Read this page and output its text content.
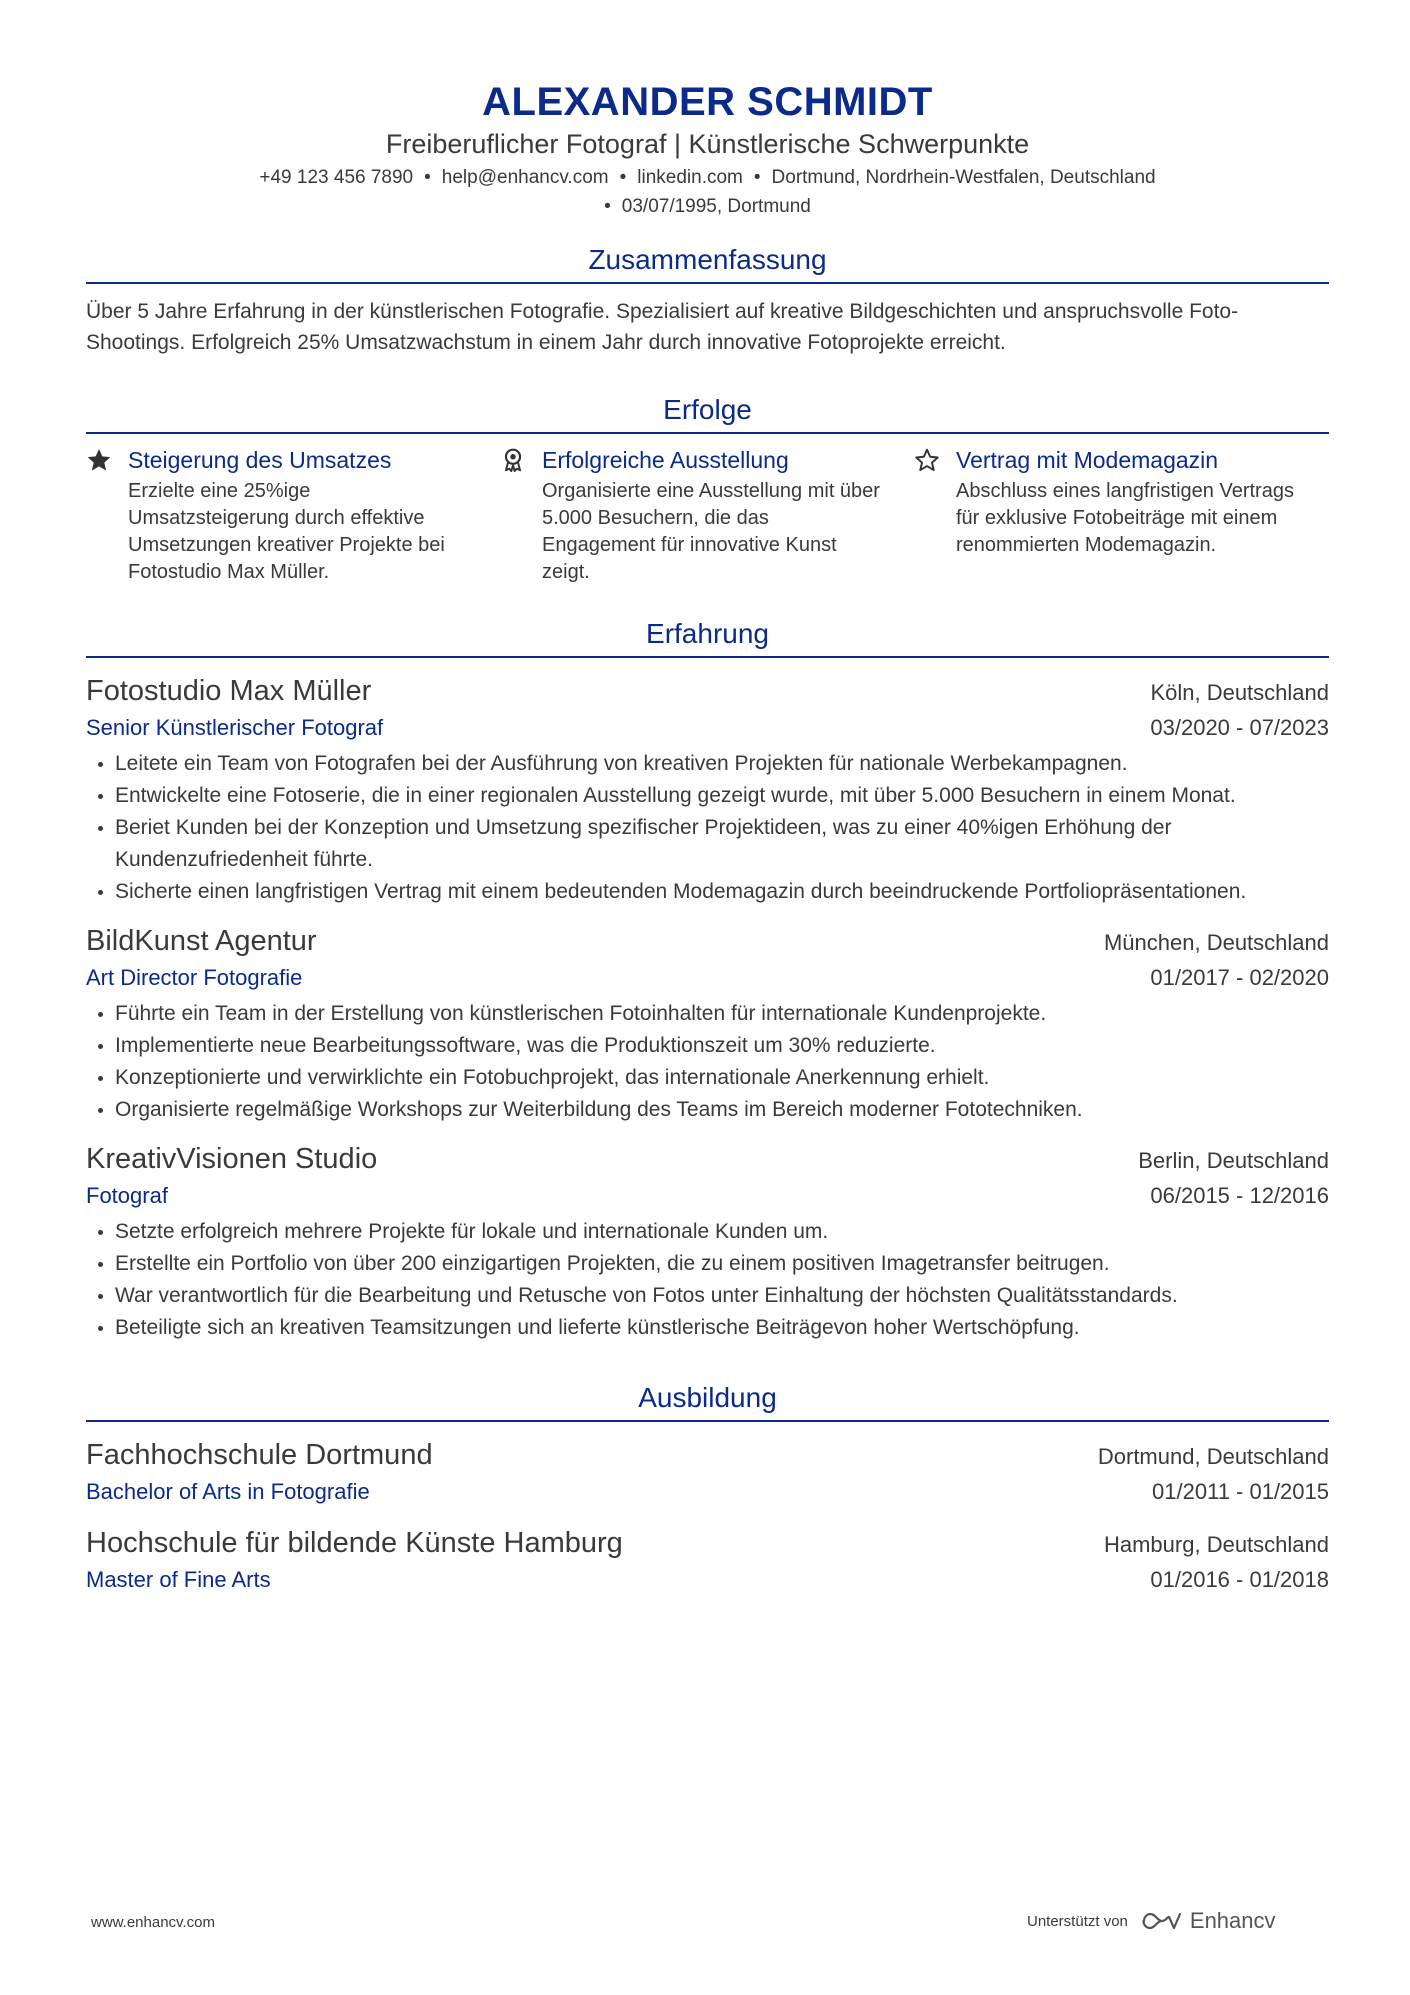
ALEXANDER SCHMIDT
Freiberuflicher Fotograf | Künstlerische Schwerpunkte
+49 123 456 7890 • help@enhancv.com • linkedin.com • Dortmund, Nordrhein-Westfalen, Deutschland
• 03/07/1995, Dortmund
Zusammenfassung
Über 5 Jahre Erfahrung in der künstlerischen Fotografie. Spezialisiert auf kreative Bildgeschichten und anspruchsvolle Foto-Shootings. Erfolgreich 25% Umsatzwachstum in einem Jahr durch innovative Fotoprojekte erreicht.
Erfolge
Steigerung des Umsatzes
Erzielte eine 25%ige Umsatzsteigerung durch effektive Umsetzungen kreativer Projekte bei Fotostudio Max Müller.
Erfolgreiche Ausstellung
Organisierte eine Ausstellung mit über 5.000 Besuchern, die das Engagement für innovative Kunst zeigt.
Vertrag mit Modemagazin
Abschluss eines langfristigen Vertrags für exklusive Fotobeiträge mit einem renommierten Modemagazin.
Erfahrung
Fotostudio Max Müller	Köln, Deutschland
Senior Künstlerischer Fotograf	03/2020 - 07/2023
• Leitete ein Team von Fotografen bei der Ausführung von kreativen Projekten für nationale Werbekampagnen.
• Entwickelte eine Fotoserie, die in einer regionalen Ausstellung gezeigt wurde, mit über 5.000 Besuchern in einem Monat.
• Beriet Kunden bei der Konzeption und Umsetzung spezifischer Projektideen, was zu einer 40%igen Erhöhung der Kundenzufriedenheit führte.
• Sicherte einen langfristigen Vertrag mit einem bedeutenden Modemagazin durch beeindruckende Portfoliopräsentationen.
BildKunst Agentur	München, Deutschland
Art Director Fotografie	01/2017 - 02/2020
• Führte ein Team in der Erstellung von künstlerischen Fotoinhalten für internationale Kundenprojekte.
• Implementierte neue Bearbeitungssoftware, was die Produktionszeit um 30% reduzierte.
• Konzeptionierte und verwirklichte ein Fotobuchprojekt, das internationale Anerkennung erhielt.
• Organisierte regelmäßige Workshops zur Weiterbildung des Teams im Bereich moderner Fototechniken.
KreativVisionen Studio	Berlin, Deutschland
Fotograf	06/2015 - 12/2016
• Setzte erfolgreich mehrere Projekte für lokale und internationale Kunden um.
• Erstellte ein Portfolio von über 200 einzigartigen Projekten, die zu einem positiven Imagetransfer beitrugen.
• War verantwortlich für die Bearbeitung und Retusche von Fotos unter Einhaltung der höchsten Qualitätsstandards.
• Beteiligte sich an kreativen Teamsitzungen und lieferte künstlerische Beiträgevon hoher Wertschöpfung.
Ausbildung
Fachhochschule Dortmund	Dortmund, Deutschland
Bachelor of Arts in Fotografie	01/2011 - 01/2015
Hochschule für bildende Künste Hamburg	Hamburg, Deutschland
Master of Fine Arts	01/2016 - 01/2018
www.enhancv.com	Unterstützt von	Enhancv
